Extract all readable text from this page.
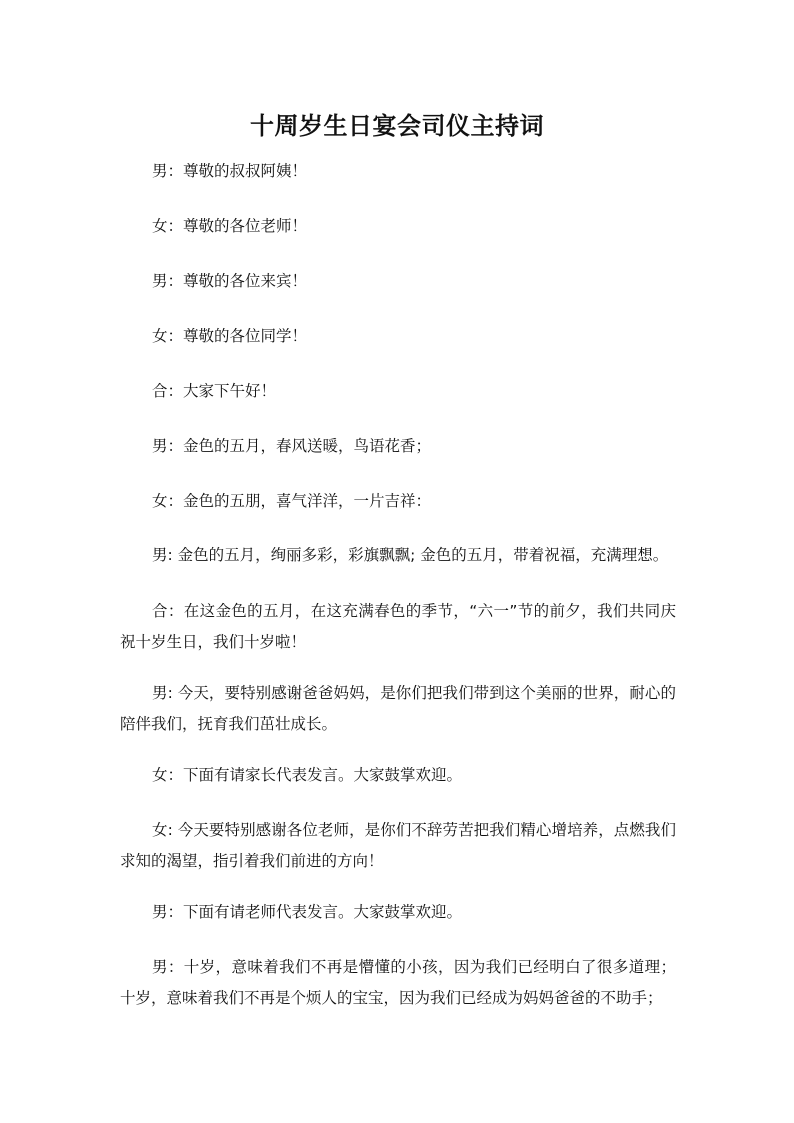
十周岁生日宴会司仪主持词

男：尊敬的叔叔阿姨！

女：尊敬的各位老师！

男：尊敬的各位来宾！

女：尊敬的各位同学！

合：大家下午好！

男：金色的五月，春风送暖，鸟语花香；

女：金色的五朋，喜气洋洋，一片吉祥：

男: 金色的五月，绚丽多彩，彩旗飘飘; 金色的五月，带着祝福，充满理想。

合：在这金色的五月，在这充满春色的季节，“六一”节的前夕，我们共同庆祝十岁生日，我们十岁啦！

男: 今天，要特别感谢爸爸妈妈，是你们把我们带到这个美丽的世界，耐心的陪伴我们，抚育我们茁壮成长。

女：下面有请家长代表发言。大家鼓掌欢迎。

女: 今天要特别感谢各位老师，是你们不辞劳苦把我们精心增培养，点燃我们求知的渴望，指引着我们前进的方向！

男：下面有请老师代表发言。大家鼓掌欢迎。

男：十岁，意味着我们不再是懵懂的小孩，因为我们已经明白了很多道理；十岁，意味着我们不再是个烦人的宝宝，因为我们已经成为妈妈爸爸的不助手；
